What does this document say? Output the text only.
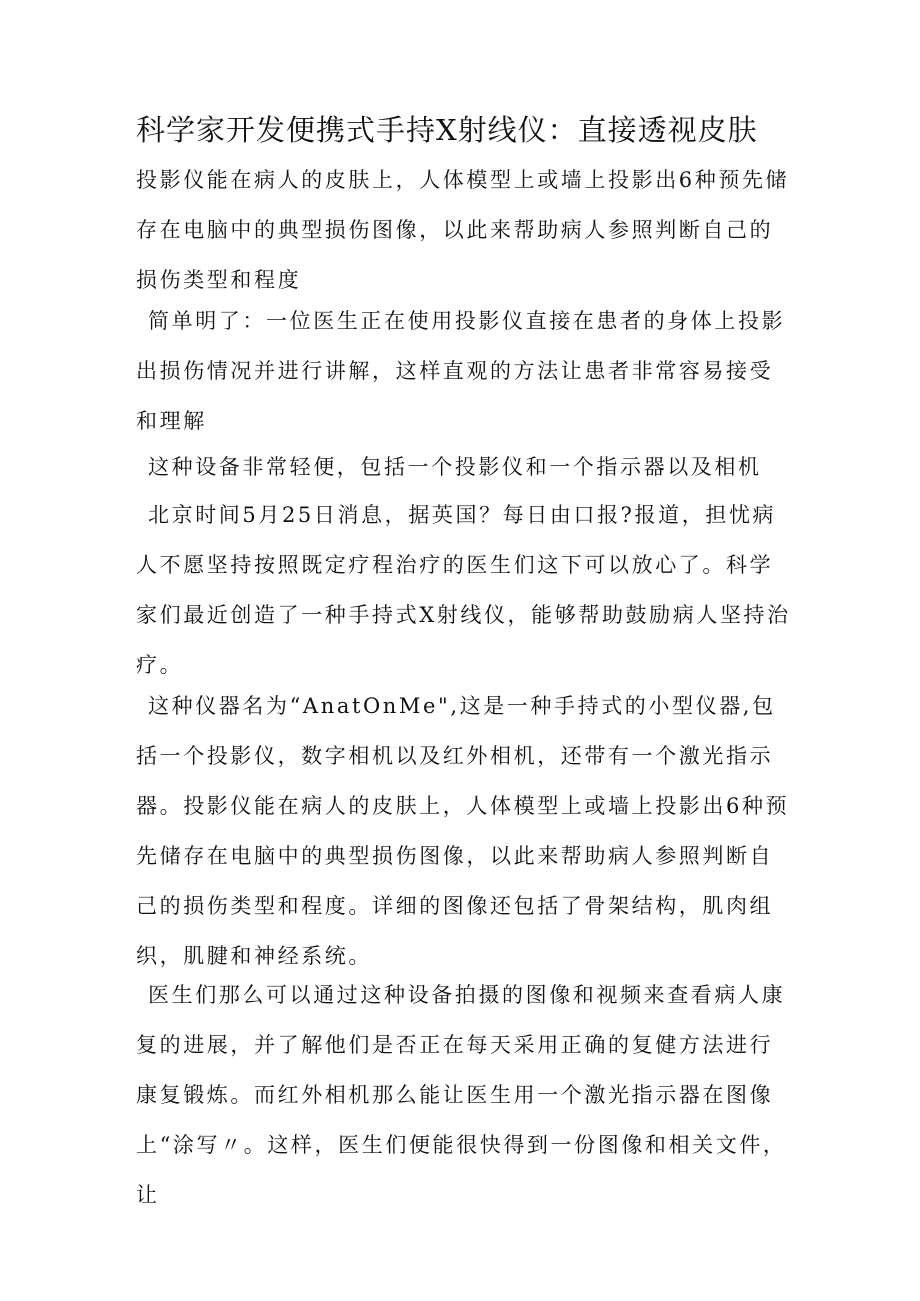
科学家开发便携式手持X射线仪：直接透视皮肤

投影仪能在病人的皮肤上，人体模型上或墙上投影出6种预先储存在电脑中的典型损伤图像，以此来帮助病人参照判断自己的损伤类型和程度

简单明了：一位医生正在使用投影仪直接在患者的身体上投影出损伤情况并进行讲解，这样直观的方法让患者非常容易接受和理解

这种设备非常轻便，包括一个投影仪和一个指示器以及相机

北京时间5月25日消息，据英国？每日由口报?报道，担忧病人不愿坚持按照既定疗程治疗的医生们这下可以放心了。科学家们最近创造了一种手持式X射线仪，能够帮助鼓励病人坚持治疗。

这种仪器名为“AnatOnMe",这是一种手持式的小型仪器,包括一个投影仪，数字相机以及红外相机，还带有一个激光指示器。投影仪能在病人的皮肤上，人体模型上或墙上投影出6种预先储存在电脑中的典型损伤图像，以此来帮助病人参照判断自己的损伤类型和程度。详细的图像还包括了骨架结构，肌肉组织，肌腱和神经系统。

医生们那么可以通过这种设备拍摄的图像和视频来查看病人康复的进展，并了解他们是否正在每天采用正确的复健方法进行康复锻炼。而红外相机那么能让医生用一个激光指示器在图像上“涂写〃。这样，医生们便能很快得到一份图像和相关文件，让
